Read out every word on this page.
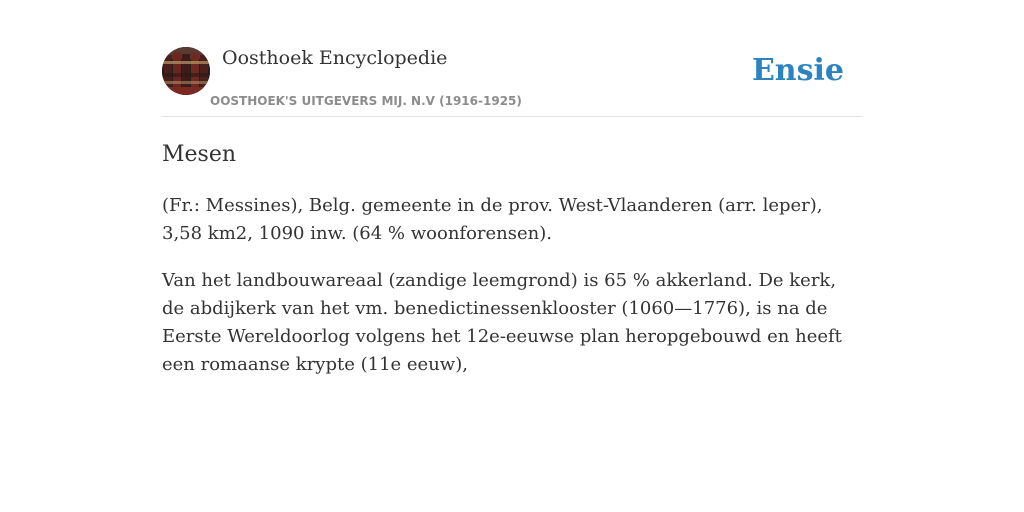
Oosthoek Encyclopedie
OOSTHOEK'S UITGEVERS MIJ. N.V (1916-1925)
Ensie
Mesen

(Fr.: Messines), Belg. gemeente in de prov. West-Vlaanderen (arr. leper), 3,58 km2, 1090 inw. (64 % woonforensen).

Van het landbouwareaal (zandige leemgrond) is 65 % akkerland. De kerk, de abdijkerk van het vm. benedictinessenklooster (1060—1776), is na de Eerste Wereldoorlog volgens het 12e-eeuwse plan heropgebouwd en heeft een romaanse krypte (11e eeuw),
